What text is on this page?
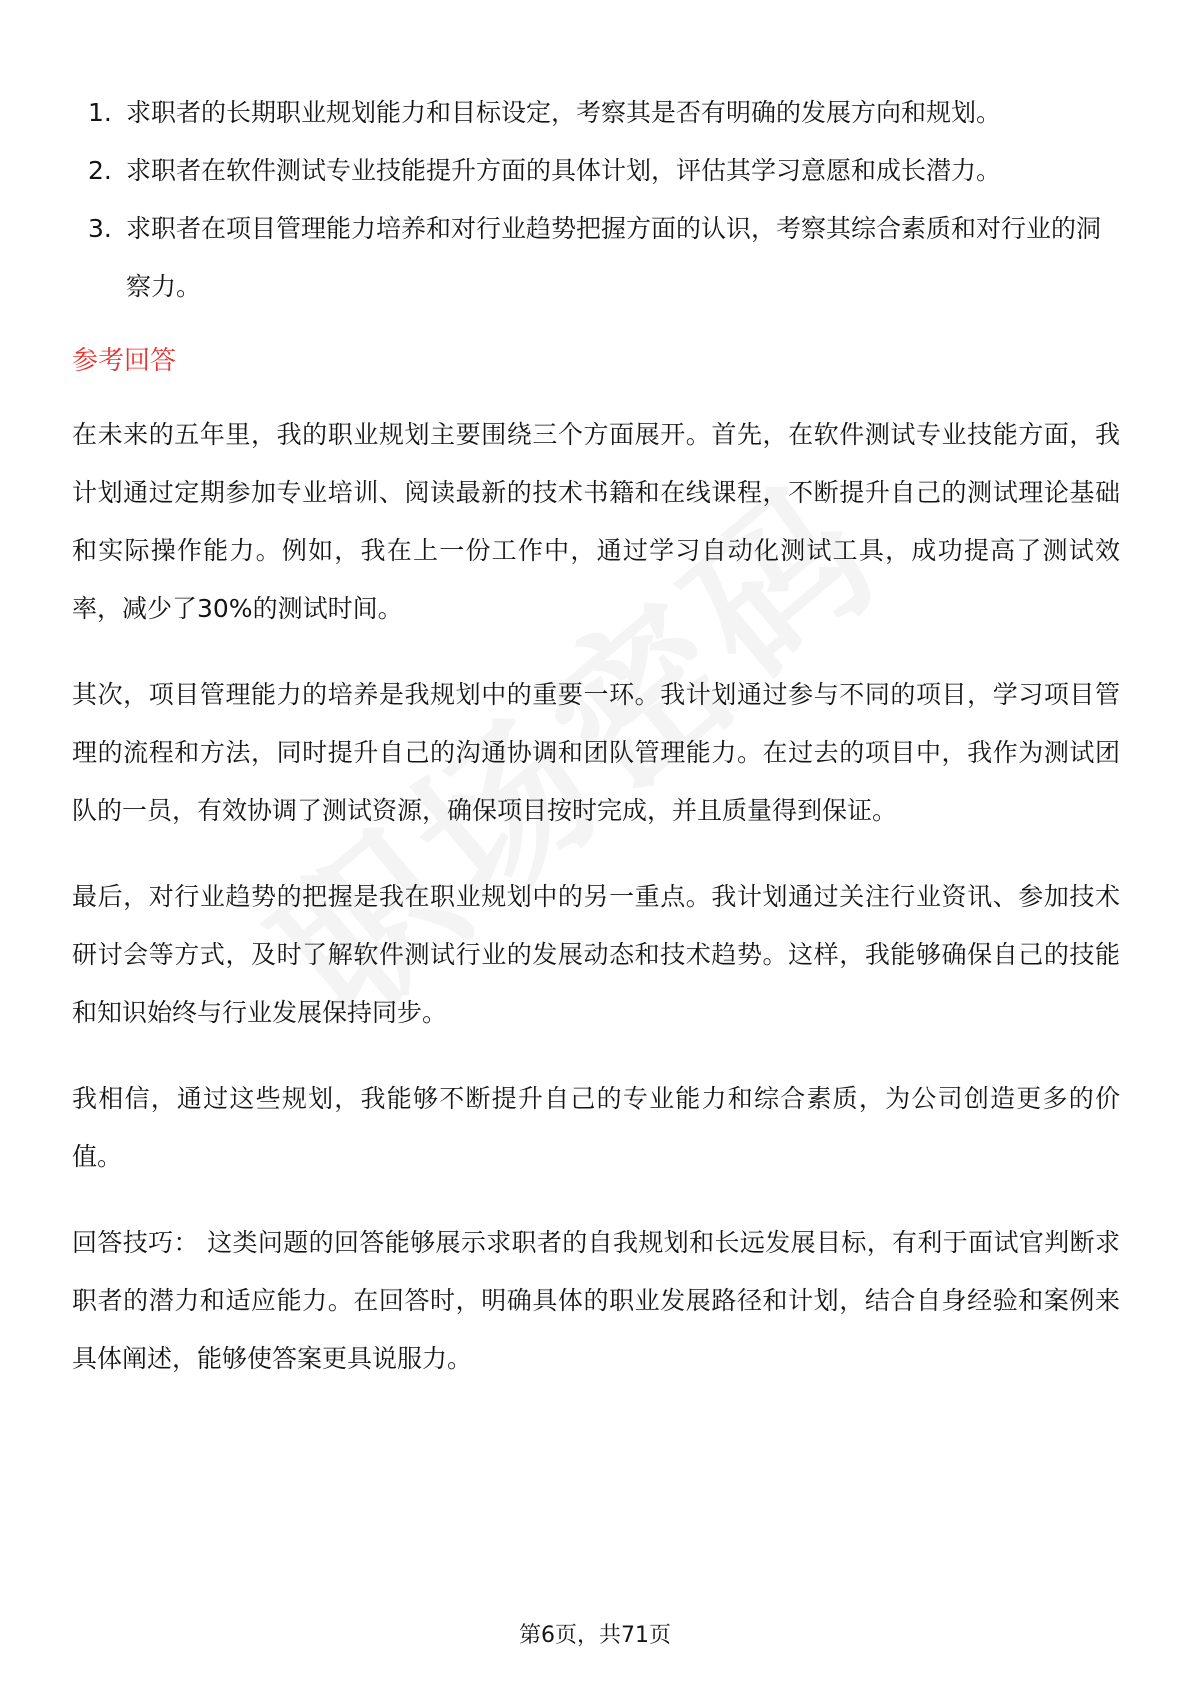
1. 求职者的长期职业规划能力和目标设定，考察其是否有明确的发展方向和规划。
2. 求职者在软件测试专业技能提升方面的具体计划，评估其学习意愿和成长潜力。
3. 求职者在项目管理能力培养和对行业趋势把握方面的认识，考察其综合素质和对行业的洞察力。
参考回答

在未来的五年里，我的职业规划主要围绕三个方面展开。首先，在软件测试专业技能方面，我计划通过定期参加专业培训、阅读最新的技术书籍和在线课程，不断提升自己的测试理论基础和实际操作能力。例如，我在上一份工作中，通过学习自动化测试工具，成功提高了测试效率，减少了30%的测试时间。

其次，项目管理能力的培养是我规划中的重要一环。我计划通过参与不同的项目，学习项目管理的流程和方法，同时提升自己的沟通协调和团队管理能力。在过去的项目中，我作为测试团队的一员，有效协调了测试资源，确保项目按时完成，并且质量得到保证。

最后，对行业趋势的把握是我在职业规划中的另一重点。我计划通过关注行业资讯、参加技术研讨会等方式，及时了解软件测试行业的发展动态和技术趋势。这样，我能够确保自己的技能和知识始终与行业发展保持同步。

我相信，通过这些规划，我能够不断提升自己的专业能力和综合素质，为公司创造更多的价值。

回答技巧： 这类问题的回答能够展示求职者的自我规划和长远发展目标，有利于面试官判断求职者的潜力和适应能力。在回答时，明确具体的职业发展路径和计划，结合自身经验和案例来具体阐述，能够使答案更具说服力。

第6页，共71页
